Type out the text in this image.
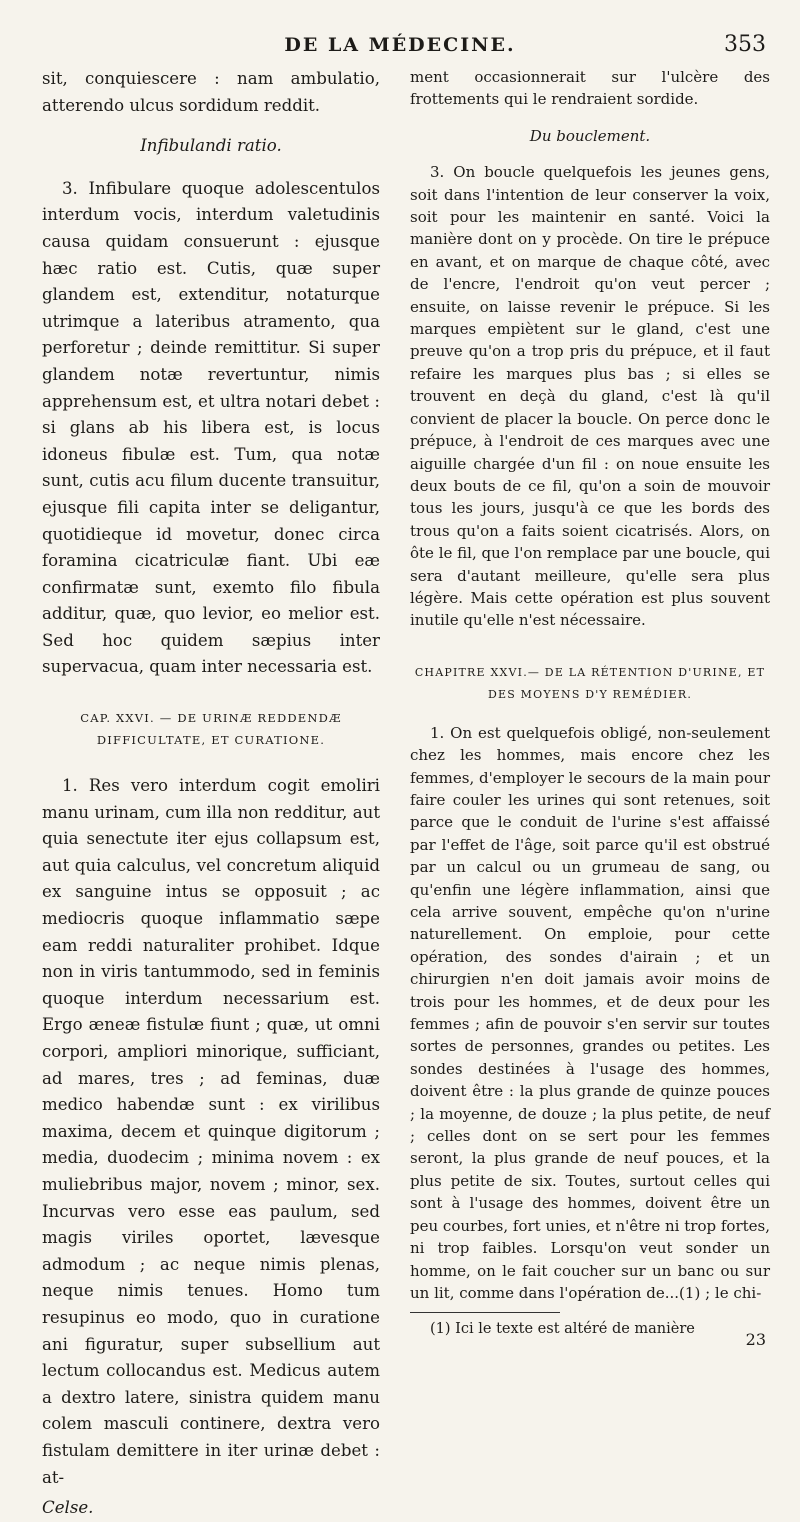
DE LA MÉDECINE.	353

sit, conquiescere : nam ambulatio, atterendo ulcus sordidum reddit.

Infibulandi ratio.

3. Infibulare quoque adolescentulos interdum vocis, interdum valetudinis causa quidam consuerunt : ejusque hæc ratio est. Cutis, quæ super glandem est, extenditur, notaturque utrimque a lateribus atramento, qua perforetur ; deinde remittitur. Si super glandem notæ revertuntur, nimis apprehensum est, et ultra notari debet : si glans ab his libera est, is locus idoneus fibulæ est. Tum, qua notæ sunt, cutis acu filum ducente transuitur, ejusque fili capita inter se deligantur, quotidieque id movetur, donec circa foramina cicatriculæ fiant. Ubi eæ confirmatæ sunt, exemto filo fibula additur, quæ, quo levior, eo melior est. Sed hoc quidem sæpius inter supervacua, quam inter necessaria est.

CAP. XXVI. — DE URINÆ REDDENDÆ DIFFICULTATE, ET CURATIONE.

1. Res vero interdum cogit emoliri manu urinam, cum illa non redditur, aut quia senectute iter ejus collapsum est, aut quia calculus, vel concretum aliquid ex sanguine intus se opposuit ; ac mediocris quoque inflammatio sæpe eam reddi naturaliter prohibet. Idque non in viris tantummodo, sed in feminis quoque interdum necessarium est. Ergo æneæ fistulæ fiunt ; quæ, ut omni corpori, ampliori minorique, sufficiant, ad mares, tres ; ad feminas, duæ medico habendæ sunt : ex virilibus maxima, decem et quinque digitorum ; media, duodecim ; minima novem : ex muliebribus major, novem ; minor, sex. Incurvas vero esse eas paulum, sed magis viriles oportet, lævesque admodum ; ac neque nimis plenas, neque nimis tenues. Homo tum resupinus eo modo, quo in curatione ani figuratur, super subsellium aut lectum collocandus est. Medicus autem a dextro latere, sinistra quidem manu colem masculi continere, dextra vero fistulam demittere in iter urinæ debet : at-

Celse.

ment occasionnerait sur l'ulcère des frottements qui le rendraient sordide.

Du bouclement.

3. On boucle quelquefois les jeunes gens, soit dans l'intention de leur conserver la voix, soit pour les maintenir en santé. Voici la manière dont on y procède. On tire le prépuce en avant, et on marque de chaque côté, avec de l'encre, l'endroit qu'on veut percer ; ensuite, on laisse revenir le prépuce. Si les marques empiètent sur le gland, c'est une preuve qu'on a trop pris du prépuce, et il faut refaire les marques plus bas ; si elles se trouvent en deçà du gland, c'est là qu'il convient de placer la boucle. On perce donc le prépuce, à l'endroit de ces marques avec une aiguille chargée d'un fil : on noue ensuite les deux bouts de ce fil, qu'on a soin de mouvoir tous les jours, jusqu'à ce que les bords des trous qu'on a faits soient cicatrisés. Alors, on ôte le fil, que l'on remplace par une boucle, qui sera d'autant meilleure, qu'elle sera plus légère. Mais cette opération est plus souvent inutile qu'elle n'est nécessaire.

CHAPITRE XXVI.— DE LA RÉTENTION D'URINE, ET DES MOYENS D'Y REMÉDIER.

1. On est quelquefois obligé, non-seulement chez les hommes, mais encore chez les femmes, d'employer le secours de la main pour faire couler les urines qui sont retenues, soit parce que le conduit de l'urine s'est affaissé par l'effet de l'âge, soit parce qu'il est obstrué par un calcul ou un grumeau de sang, ou qu'enfin une légère inflammation, ainsi que cela arrive souvent, empêche qu'on n'urine naturellement. On emploie, pour cette opération, des sondes d'airain ; et un chirurgien n'en doit jamais avoir moins de trois pour les hommes, et de deux pour les femmes ; afin de pouvoir s'en servir sur toutes sortes de personnes, grandes ou petites. Les sondes destinées à l'usage des hommes, doivent être : la plus grande de quinze pouces ; la moyenne, de douze ; la plus petite, de neuf ; celles dont on se sert pour les femmes seront, la plus grande de neuf pouces, et la plus petite de six. Toutes, surtout celles qui sont à l'usage des hommes, doivent être un peu courbes, fort unies, et n'être ni trop fortes, ni trop faibles. Lorsqu'on veut sonder un homme, on le fait coucher sur un banc ou sur un lit, comme dans l'opération de...(1) ; le chi-

(1) Ici le texte est altéré de manière

23
